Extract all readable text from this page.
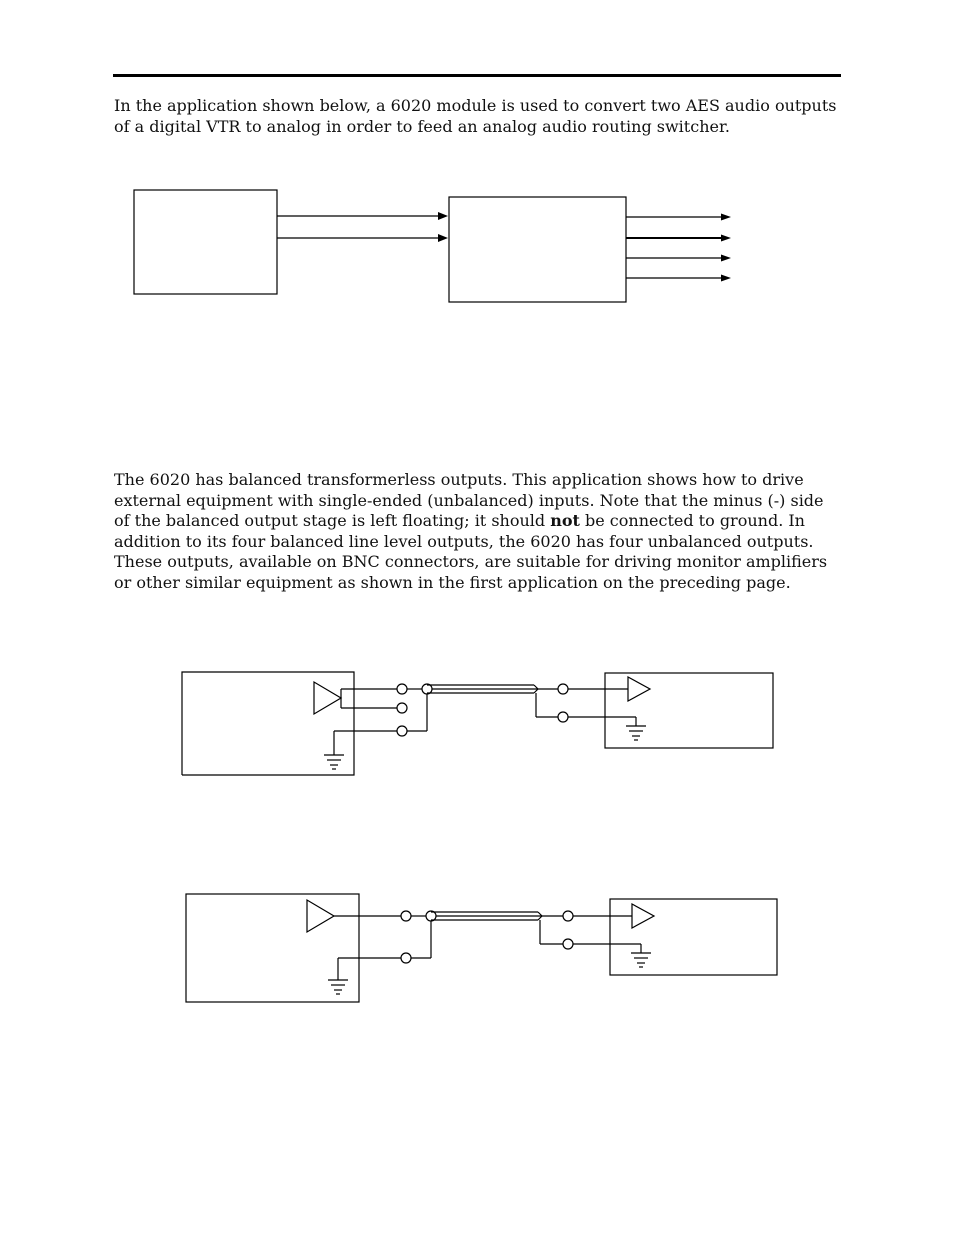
In the application shown below, a 6020 module is used to convert two AES audio outputs of a digital VTR to analog in order to feed an analog audio routing switcher.

The 6020 has balanced transformerless outputs. This application shows how to drive external equipment with single-ended (unbalanced) inputs. Note that the minus (-) side of the balanced output stage is left floating; it should not be connected to ground. In addition to its four balanced line level outputs, the 6020 has four unbalanced outputs. These outputs, available on BNC connectors, are suitable for driving monitor amplifiers or other similar equipment as shown in the first application on the preceding page.
